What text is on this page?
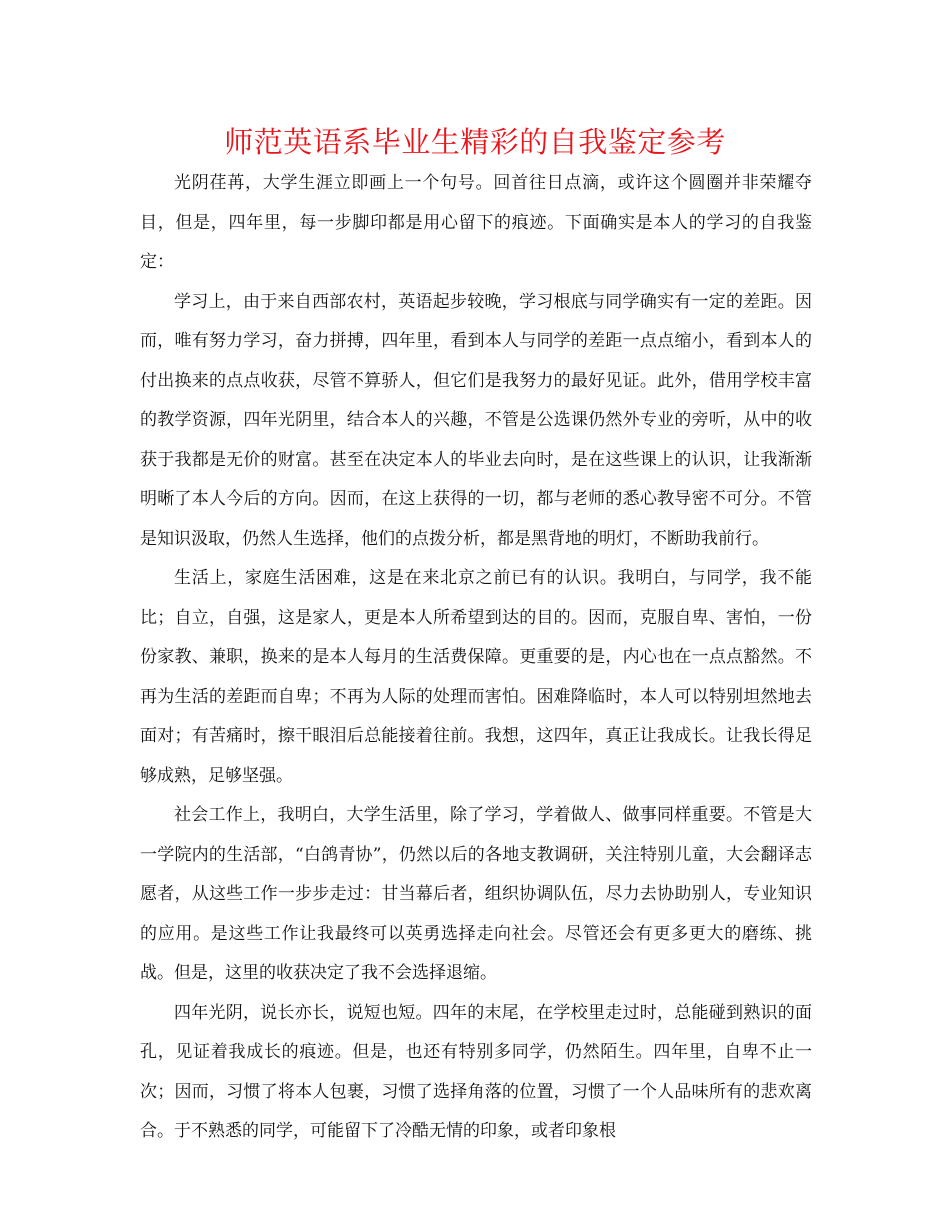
师范英语系毕业生精彩的自我鉴定参考

光阴荏苒，大学生涯立即画上一个句号。回首往日点滴，或许这个圆圈并非荣耀夺目，但是，四年里，每一步脚印都是用心留下的痕迹。下面确实是本人的学习的自我鉴定：

学习上，由于来自西部农村，英语起步较晚，学习根底与同学确实有一定的差距。因而，唯有努力学习，奋力拼搏，四年里，看到本人与同学的差距一点点缩小，看到本人的付出换来的点点收获，尽管不算骄人，但它们是我努力的最好见证。此外，借用学校丰富的教学资源，四年光阴里，结合本人的兴趣，不管是公选课仍然外专业的旁听，从中的收获于我都是无价的财富。甚至在决定本人的毕业去向时，是在这些课上的认识，让我渐渐明晰了本人今后的方向。因而，在这上获得的一切，都与老师的悉心教导密不可分。不管是知识汲取，仍然人生选择，他们的点拨分析，都是黑背地的明灯，不断助我前行。

生活上，家庭生活困难，这是在来北京之前已有的认识。我明白，与同学，我不能比；自立，自强，这是家人，更是本人所希望到达的目的。因而，克服自卑、害怕，一份份家教、兼职，换来的是本人每月的生活费保障。更重要的是，内心也在一点点豁然。不再为生活的差距而自卑；不再为人际的处理而害怕。困难降临时，本人可以特别坦然地去面对；有苦痛时，擦干眼泪后总能接着往前。我想，这四年，真正让我成长。让我长得足够成熟，足够坚强。

社会工作上，我明白，大学生活里，除了学习，学着做人、做事同样重要。不管是大一学院内的生活部，“白鸽青协”，仍然以后的各地支教调研，关注特别儿童，大会翻译志愿者，从这些工作一步步走过：甘当幕后者，组织协调队伍，尽力去协助别人，专业知识的应用。是这些工作让我最终可以英勇选择走向社会。尽管还会有更多更大的磨练、挑战。但是，这里的收获决定了我不会选择退缩。

四年光阴，说长亦长，说短也短。四年的末尾，在学校里走过时，总能碰到熟识的面孔，见证着我成长的痕迹。但是，也还有特别多同学，仍然陌生。四年里，自卑不止一次；因而，习惯了将本人包裹，习惯了选择角落的位置，习惯了一个人品味所有的悲欢离合。于不熟悉的同学，可能留下了冷酷无情的印象，或者印象根
